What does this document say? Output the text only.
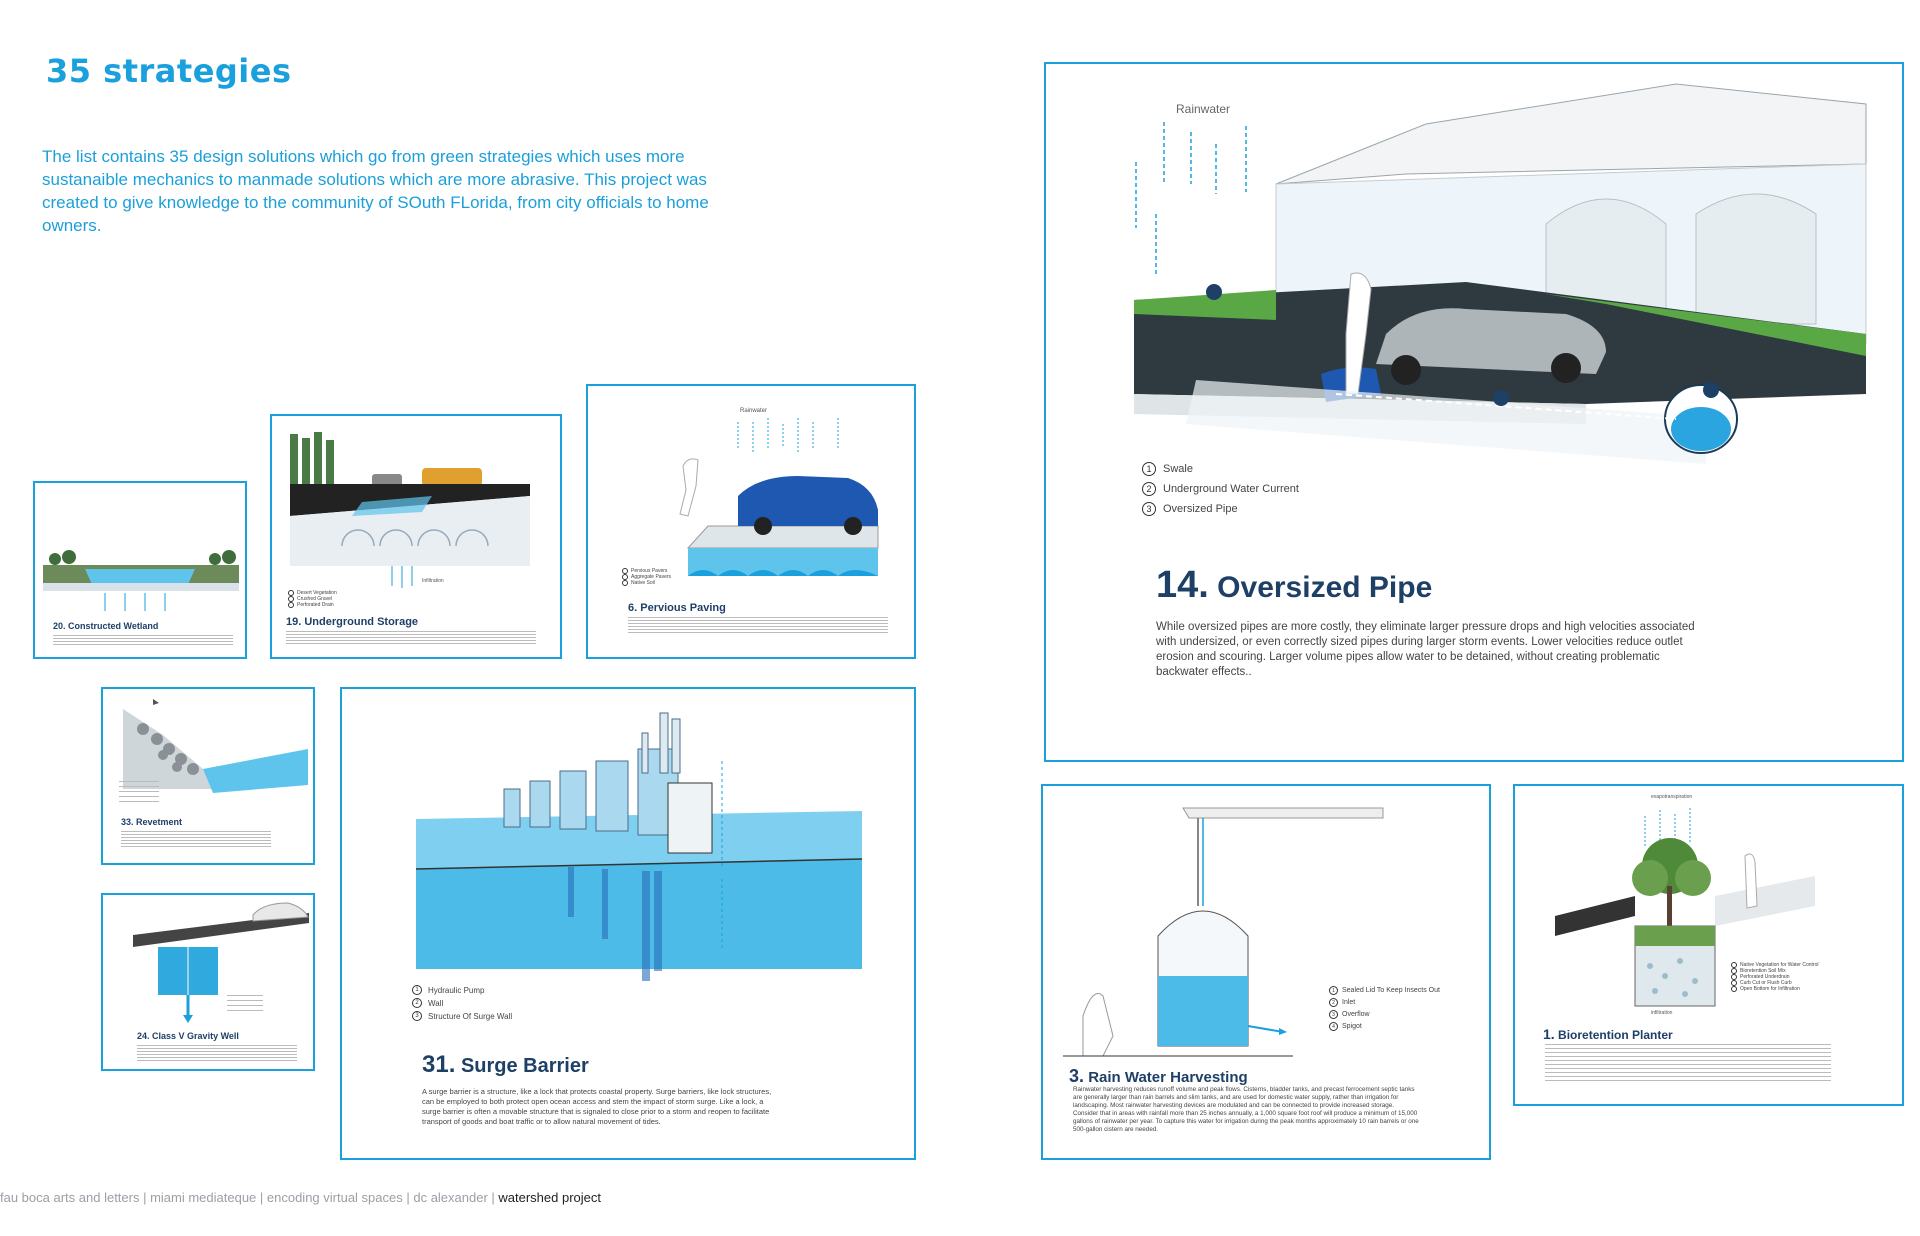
35 strategies

The list contains 35 design solutions which go from green strategies which uses more sustanaible mechanics to manmade solutions which are more abrasive. This project was created to give knowledge to the community of SOuth FLorida, from city officials to home owners.

20. Constructed Wetland

Infiltration
Desert Vegetation
Crushed Gravel
Perforated Drain

19. Underground Storage

Rainwater
Pervious Pavers
Aggregate Pavers
Native Soil

6. Pervious Paving

33. Revetment

24. Class V Gravity Well

1	Hydraulic Pump
2	Wall
3	Structure Of Surge Wall

31. Surge Barrier

A surge barrier is a structure, like a lock that protects coastal property. Surge barriers, like lock structures, can be employed to both protect open ocean access and stem the impact of storm surge. Like a lock, a surge barrier is often a movable structure that is signaled to close prior to a storm and reopen to facilitate transport of goods and boat traffic or to allow natural movement of tides.

Rainwater
1	Swale
2	Underground Water Current
3	Oversized Pipe

14. Oversized Pipe

While oversized pipes are more costly, they eliminate larger pressure drops and high velocities associated with undersized, or even correctly sized pipes during larger storm events. Lower velocities reduce outlet erosion and scouring. Larger volume pipes allow water to be detained, without creating problematic backwater effects..

1	Sealed Lid To Keep Insects Out
2	Inlet
3	Overflow
4	Spigot

3. Rain Water Harvesting

Rainwater harvesting reduces runoff volume and peak flows. Cisterns, bladder tanks, and precast ferrocement septic tanks are generally larger than rain barrels and slim tanks, and are used for domestic water supply, rather than irrigation for landscaping. Most rainwater harvesting devices are modulated and can be connected to provide increased storage. Consider that in areas with rainfall more than 25 inches annually, a 1,000 square foot roof will produce a minimum of 15,000 gallons of rainwater per year. To capture this water for irrigation during the peak months approximately 10 rain barrels or one 500-gallon cistern are needed.

evapotranspiration
infiltration
Native Vegetation for Water Control
Bioretention Soil Mix
Perforated Underdrain
Curb Cut or Flush Curb
Open Bottom for Infiltration

1. Bioretention Planter

fau boca arts and letters | miami mediateque | encoding virtual spaces | dc alexander | watershed project
